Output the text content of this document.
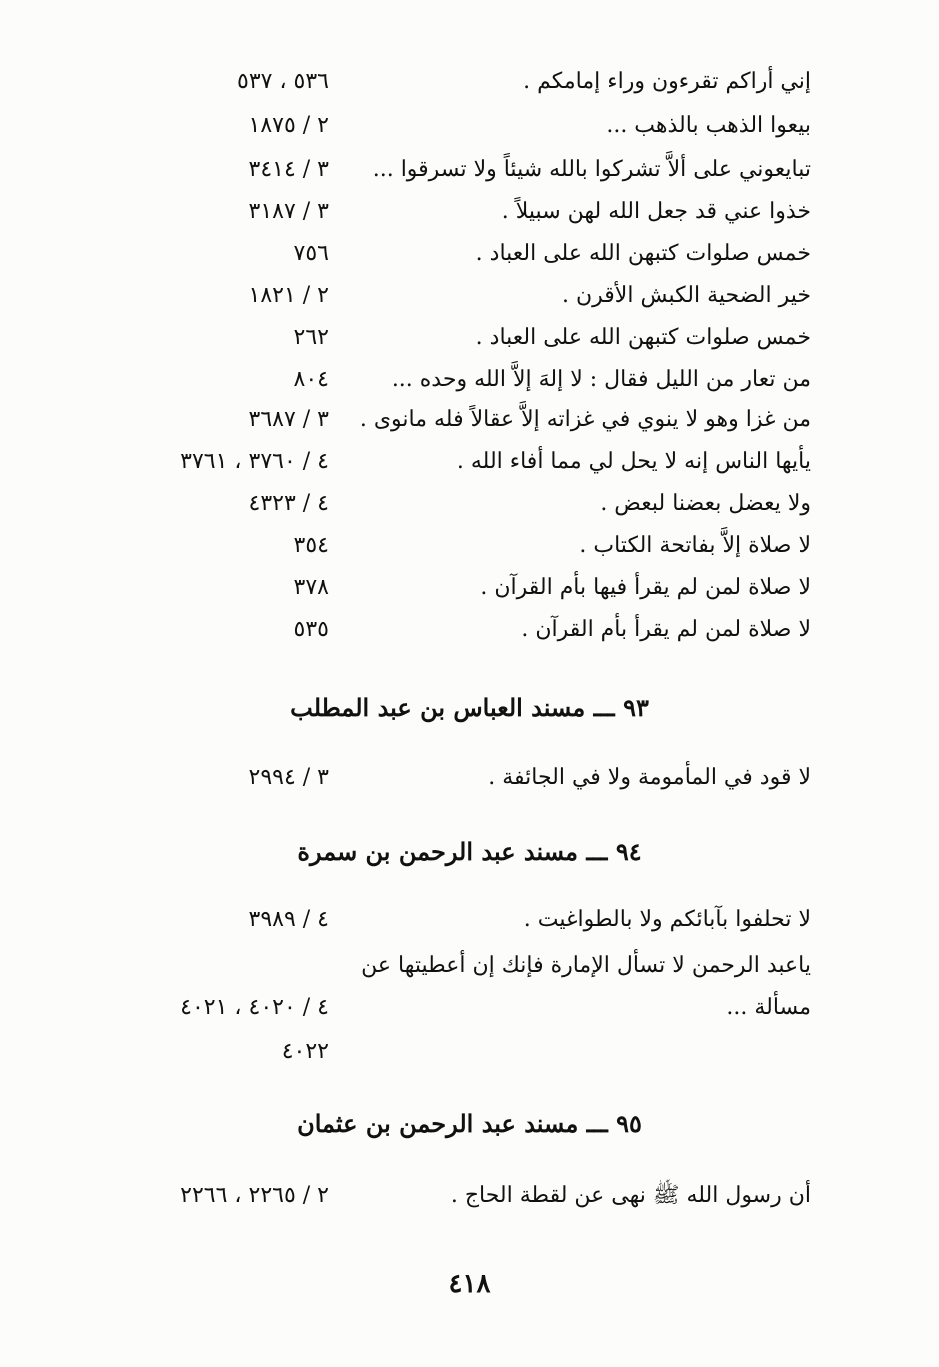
إني أراكم تقرءون وراء إمامكم .
٥٣٦ ، ٥٣٧
بيعوا الذهب بالذهب ...
٢ / ١٨٧٥
تبايعوني على ألاَّ تشركوا بالله شيئاً ولا تسرقوا ...
٣ / ٣٤١٤
خذوا عني قد جعل الله لهن سبيلاً .
٣ / ٣١٨٧
خمس صلوات كتبهن الله على العباد .
٧٥٦
خير الضحية الكبش الأقرن .
٢ / ١٨٢١
خمس صلوات كتبهن الله على العباد .
٢٦٢
من تعار من الليل فقال : لا إلهَ إلاَّ الله وحده ...
٨٠٤
من غزا وهو لا ينوي في غزاته إلاَّ عقالاً فله مانوى .
٣ / ٣٦٨٧
يأيها الناس إنه لا يحل لي مما أفاء الله .
٤ / ٣٧٦٠ ، ٣٧٦١
ولا يعضل بعضنا لبعض .
٤ / ٤٣٢٣
لا صلاة إلاَّ بفاتحة الكتاب .
٣٥٤
لا صلاة لمن لم يقرأ فيها بأم القرآن .
٣٧٨
لا صلاة لمن لم يقرأ بأم القرآن .
٥٣٥
٩٣ ـــ مسند العباس بن عبد المطلب
لا قود في المأمومة ولا في الجائفة .
٣ / ٢٩٩٤
٩٤ ـــ مسند عبد الرحمن بن سمرة
لا تحلفوا بآبائكم ولا بالطواغيت .
٤ / ٣٩٨٩
ياعبد الرحمن لا تسأل الإمارة فإنك إن أعطيتها عن
مسألة ...
٤ / ٤٠٢٠ ، ٤٠٢١
٤٠٢٢
٩٥ ـــ مسند عبد الرحمن بن عثمان
أن رسول الله ﷺ نهى عن لقطة الحاج .
٢ / ٢٢٦٥ ، ٢٢٦٦
٤١٨
